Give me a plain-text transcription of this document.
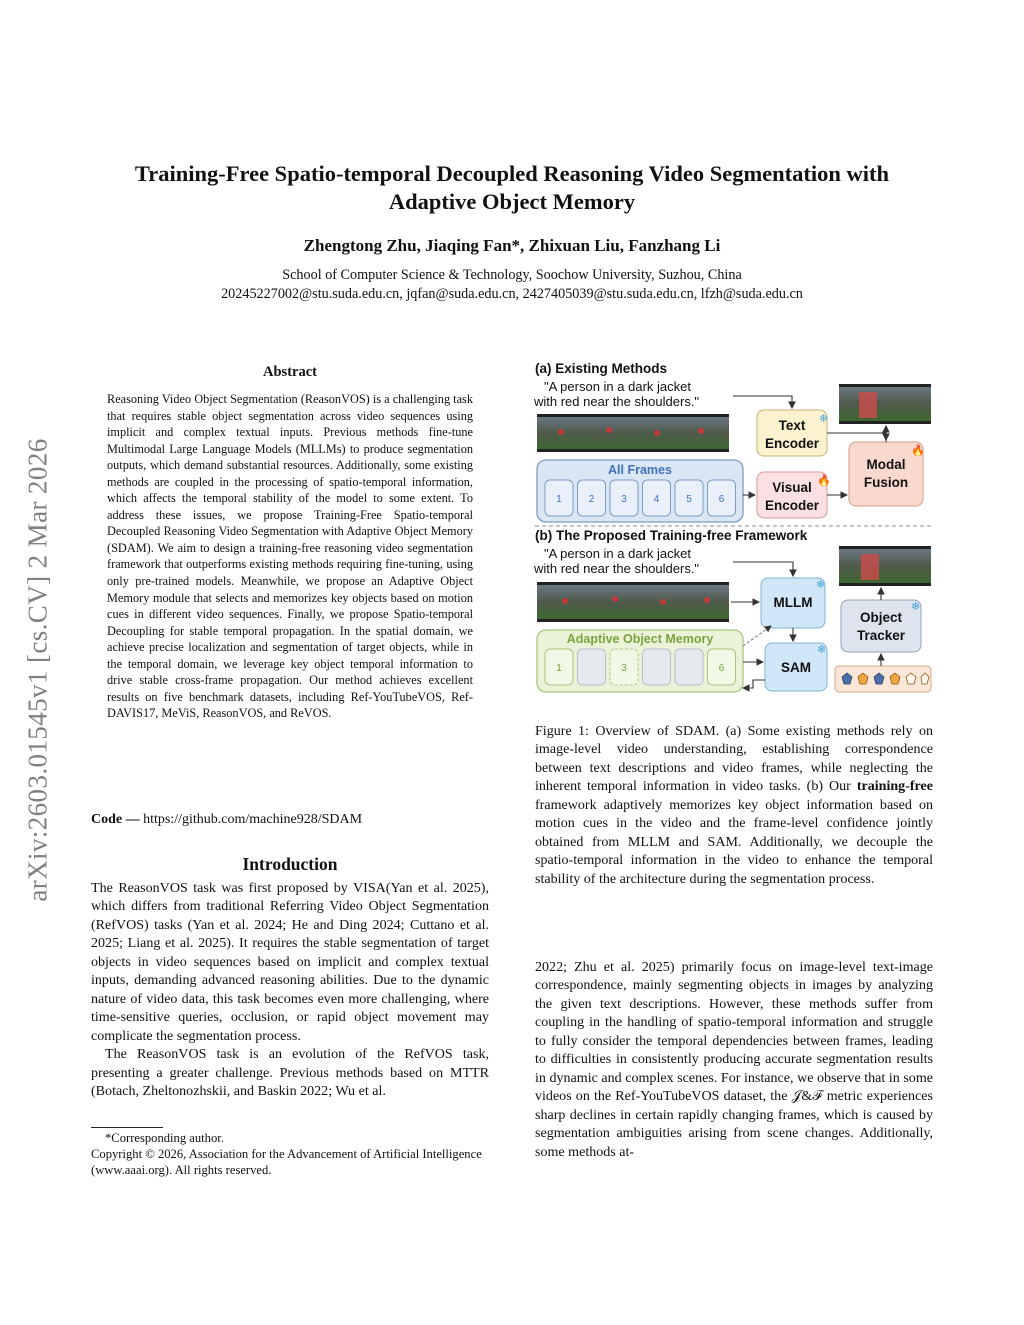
Training-Free Spatio-temporal Decoupled Reasoning Video Segmentation with
Adaptive Object Memory
Zhengtong Zhu, Jiaqing Fan*, Zhixuan Liu, Fanzhang Li
School of Computer Science & Technology, Soochow University, Suzhou, China
20245227002@stu.suda.edu.cn, jqfan@suda.edu.cn, 2427405039@stu.suda.edu.cn, lfzh@suda.edu.cn
arXiv:2603.01545v1 [cs.CV] 2 Mar 2026
Abstract

Reasoning Video Object Segmentation (ReasonVOS) is a challenging task that requires stable object segmentation across video sequences using implicit and complex textual inputs. Previous methods fine-tune Multimodal Large Language Models (MLLMs) to produce segmentation outputs, which demand substantial resources. Additionally, some existing methods are coupled in the processing of spatio-temporal information, which affects the temporal stability of the model to some extent. To address these issues, we propose Training-Free Spatio-temporal Decoupled Reasoning Video Segmentation with Adaptive Object Memory (SDAM). We aim to design a training-free reasoning video segmentation framework that outperforms existing methods requiring fine-tuning, using only pre-trained models. Meanwhile, we propose an Adaptive Object Memory module that selects and memorizes key objects based on motion cues in different video sequences. Finally, we propose Spatio-temporal Decoupling for stable temporal propagation. In the spatial domain, we achieve precise localization and segmentation of target objects, while in the temporal domain, we leverage key object temporal information to drive stable cross-frame propagation. Our method achieves excellent results on five benchmark datasets, including Ref-YouTubeVOS, Ref-DAVIS17, MeViS, ReasonVOS, and ReVOS.

Code — https://github.com/machine928/SDAM
Introduction

The ReasonVOS task was first proposed by VISA(Yan et al. 2025), which differs from traditional Referring Video Object Segmentation (RefVOS) tasks (Yan et al. 2024; He and Ding 2024; Cuttano et al. 2025; Liang et al. 2025). It requires the stable segmentation of target objects in video sequences based on implicit and complex textual inputs, demanding advanced reasoning abilities. Due to the dynamic nature of video data, this task becomes even more challenging, where time-sensitive queries, occlusion, or rapid object movement may complicate the segmentation process.

The ReasonVOS task is an evolution of the RefVOS task, presenting a greater challenge. Previous methods based on MTTR (Botach, Zheltonozhskii, and Baskin 2022; Wu et al.

*Corresponding author.

Copyright © 2026, Association for the Advancement of Artificial Intelligence (www.aaai.org). All rights reserved.

(a) Existing Methods
"A person in a dark jacket
with red near the shoulders."
All Frames
1	2	3	4	5	6
Text
Encoder
❄
Visual
Encoder
🔥
Modal
Fusion
🔥
(b) The Proposed Training-free Framework
"A person in a dark jacket
with red near the shoulders."
Adaptive Object Memory
1	3	6
MLLM
❄
SAM
❄
Object
Tracker
❄

Figure 1: Overview of SDAM. (a) Some existing methods rely on image-level video understanding, establishing correspondence between text descriptions and video frames, while neglecting the inherent temporal information in video tasks. (b) Our training-free framework adaptively memorizes key object information based on motion cues in the video and the frame-level confidence jointly obtained from MLLM and SAM. Additionally, we decouple the spatio-temporal information in the video to enhance the temporal stability of the architecture during the segmentation process.

2022; Zhu et al. 2025) primarily focus on image-level text-image correspondence, mainly segmenting objects in images by analyzing the given text descriptions. However, these methods suffer from coupling in the handling of spatio-temporal information and struggle to fully consider the temporal dependencies between frames, leading to difficulties in consistently producing accurate segmentation results in dynamic and complex scenes. For instance, we observe that in some videos on the Ref-YouTubeVOS dataset, the 𝒥&ℱ metric experiences sharp declines in certain rapidly changing frames, which is caused by segmentation ambiguities arising from scene changes. Additionally, some methods at-
